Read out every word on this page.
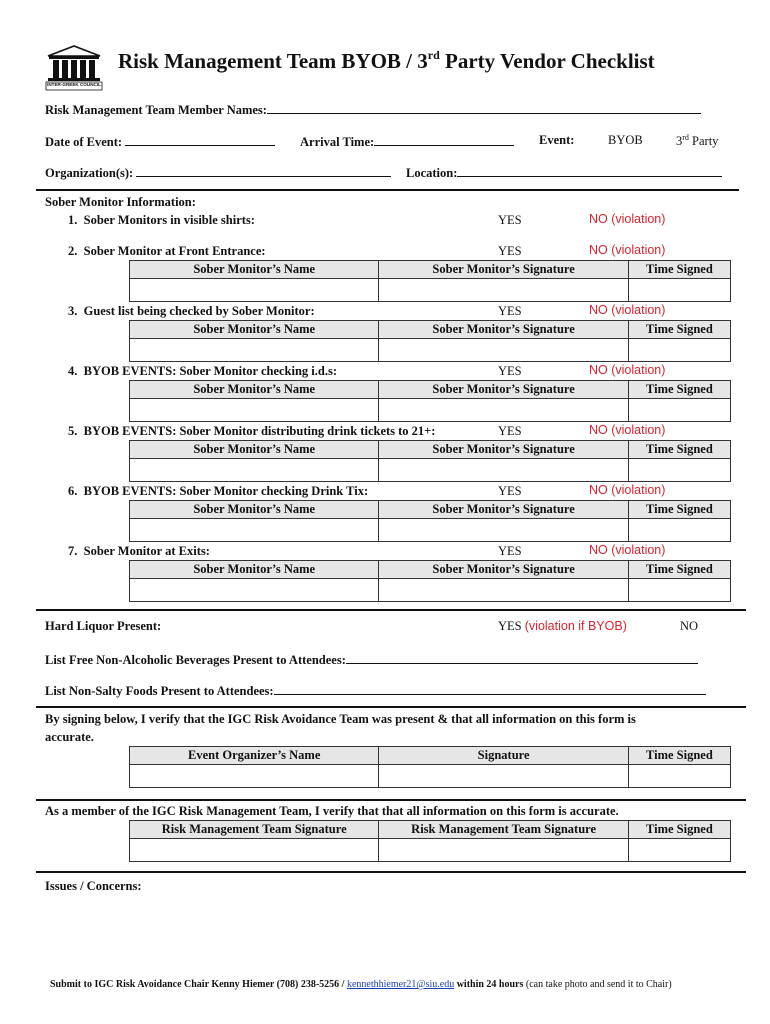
INTER-GREEK COUNCIL
Risk Management Team BYOB / 3rd Party Vendor Checklist
Risk Management Team Member Names:
Date of Event:	Arrival Time:	Event:	BYOB	3rd Party
Organization(s):	Location:
Sober Monitor Information:
1. Sober Monitors in visible shirts:	YES	NO (violation)
2. Sober Monitor at Front Entrance:	YES	NO (violation)
Sober Monitor’s Name	Sober Monitor’s Signature	Time Signed

3. Guest list being checked by Sober Monitor:	YES	NO (violation)
Sober Monitor’s Name	Sober Monitor’s Signature	Time Signed

4. BYOB EVENTS: Sober Monitor checking i.d.s:	YES	NO (violation)
Sober Monitor’s Name	Sober Monitor’s Signature	Time Signed

5. BYOB EVENTS: Sober Monitor distributing drink tickets to 21+:	YES	NO (violation)
Sober Monitor’s Name	Sober Monitor’s Signature	Time Signed

6. BYOB EVENTS: Sober Monitor checking Drink Tix:	YES	NO (violation)
Sober Monitor’s Name	Sober Monitor’s Signature	Time Signed

7. Sober Monitor at Exits:	YES	NO (violation)
Sober Monitor’s Name	Sober Monitor’s Signature	Time Signed

Hard Liquor Present:	YES (violation if BYOB)	NO
List Free Non-Alcoholic Beverages Present to Attendees:
List Non-Salty Foods Present to Attendees:
By signing below, I verify that the IGC Risk Avoidance Team was present & that all information on this form is
accurate.
Event Organizer’s Name	Signature	Time Signed

As a member of the IGC Risk Management Team, I verify that that all information on this form is accurate.
Risk Management Team Signature	Risk Management Team Signature	Time Signed

Issues / Concerns:
Submit to IGC Risk Avoidance Chair Kenny Hiemer (708) 238-5256 / kennethhiemer21@siu.edu within 24 hours (can take photo and send it to Chair)
